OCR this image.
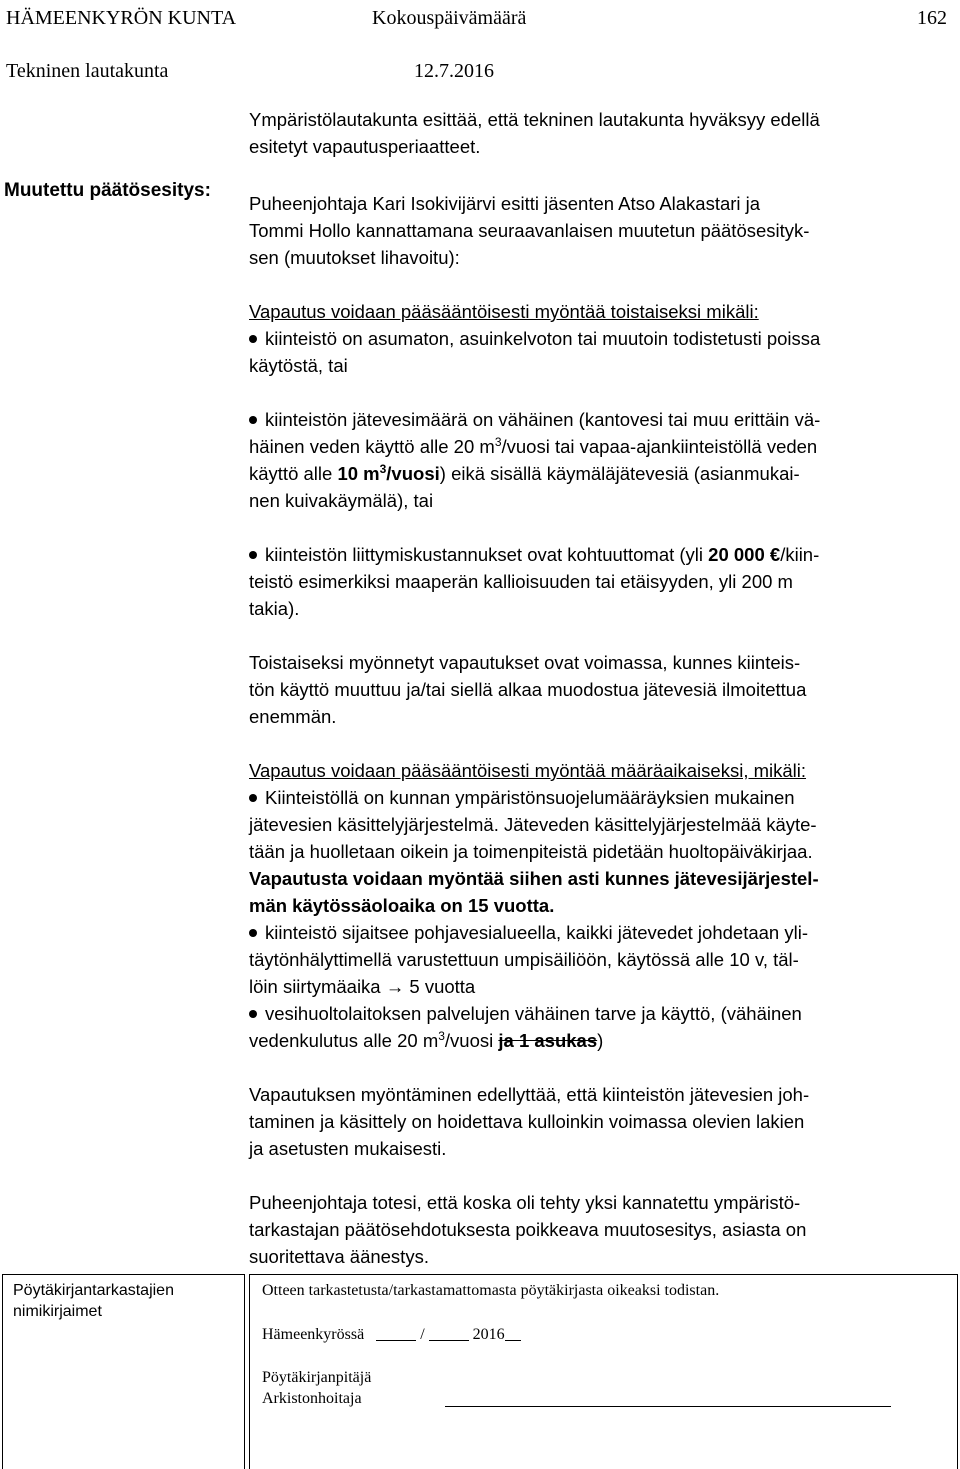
HÄMEENKYRÖN KUNTA	Kokouspäivämäärä	162
Tekninen lautakunta	12.7.2016
Muutettu päätösesitys:

Ympäristölautakunta esittää, että tekninen lautakunta hyväksyy edellä

esitetyt vapautusperiaatteet.

Puheenjohtaja Kari Isokivijärvi esitti jäsenten Atso Alakastari ja

Tommi Hollo kannattamana seuraavanlaisen muutetun päätösesityk-

sen (muutokset lihavoitu):

Vapautus voidaan pääsääntöisesti myöntää toistaiseksi mikäli:

kiinteistö on asumaton, asuinkelvoton tai muutoin todistetusti poissa

käytöstä, tai

kiinteistön jätevesimäärä on vähäinen (kantovesi tai muu erittäin vä-

häinen veden käyttö alle 20 $m^3$/vuosi tai vapaa-ajankiinteistöllä veden

käyttö alle 10 $m^3/vuosi$) eikä sisällä käymäläjätevesiä (asianmukai-

nen kuivakäymälä), tai

kiinteistön liittymiskustannukset ovat kohtuuttomat (yli 20 000 €/kiin-

teistö esimerkiksi maaperän kallioisuuden tai etäisyyden, yli 200 m

takia).

Toistaiseksi myönnetyt vapautukset ovat voimassa, kunnes kiinteis-

tön käyttö muuttuu ja/tai siellä alkaa muodostua jätevesiä ilmoitettua

enemmän.

Vapautus voidaan pääsääntöisesti myöntää määräaikaiseksi, mikäli:

Kiinteistöllä on kunnan ympäristönsuojelumääräyksien mukainen

jätevesien käsittelyjärjestelmä. Jäteveden käsittelyjärjestelmää käyte-

tään ja huolletaan oikein ja toimenpiteistä pidetään huoltopäiväkirjaa.

Vapautusta voidaan myöntää siihen asti kunnes jätevesijärjestel-

män käytössäoloaika on 15 vuotta.

kiinteistö sijaitsee pohjavesialueella, kaikki jätevedet johdetaan yli-

täytönhälyttimellä varustettuun umpisäiliöön, käytössä alle 10 v, täl-

löin siirtymäaika → 5 vuotta

vesihuoltolaitoksen palvelujen vähäinen tarve ja käyttö, (vähäinen

vedenkulutus alle 20 $m^3$/vuosi ja 1 asukas)

Vapautuksen myöntäminen edellyttää, että kiinteistön jätevesien joh-

taminen ja käsittely on hoidettava kulloinkin voimassa olevien lakien

ja asetusten mukaisesti.

Puheenjohtaja totesi, että koska oli tehty yksi kannatettu ympäristö-

tarkastajan päätösehdotuksesta poikkeava muutosesitys, asiasta on

suoritettava äänestys.

Pöytäkirjantarkastajien
nimikirjaimet
Otteen tarkastetusta/tarkastamattomasta pöytäkirjasta oikeaksi todistan.
Hämeenkyrössä	/	2016
Pöytäkirjanpitäjä
Arkistonhoitaja
